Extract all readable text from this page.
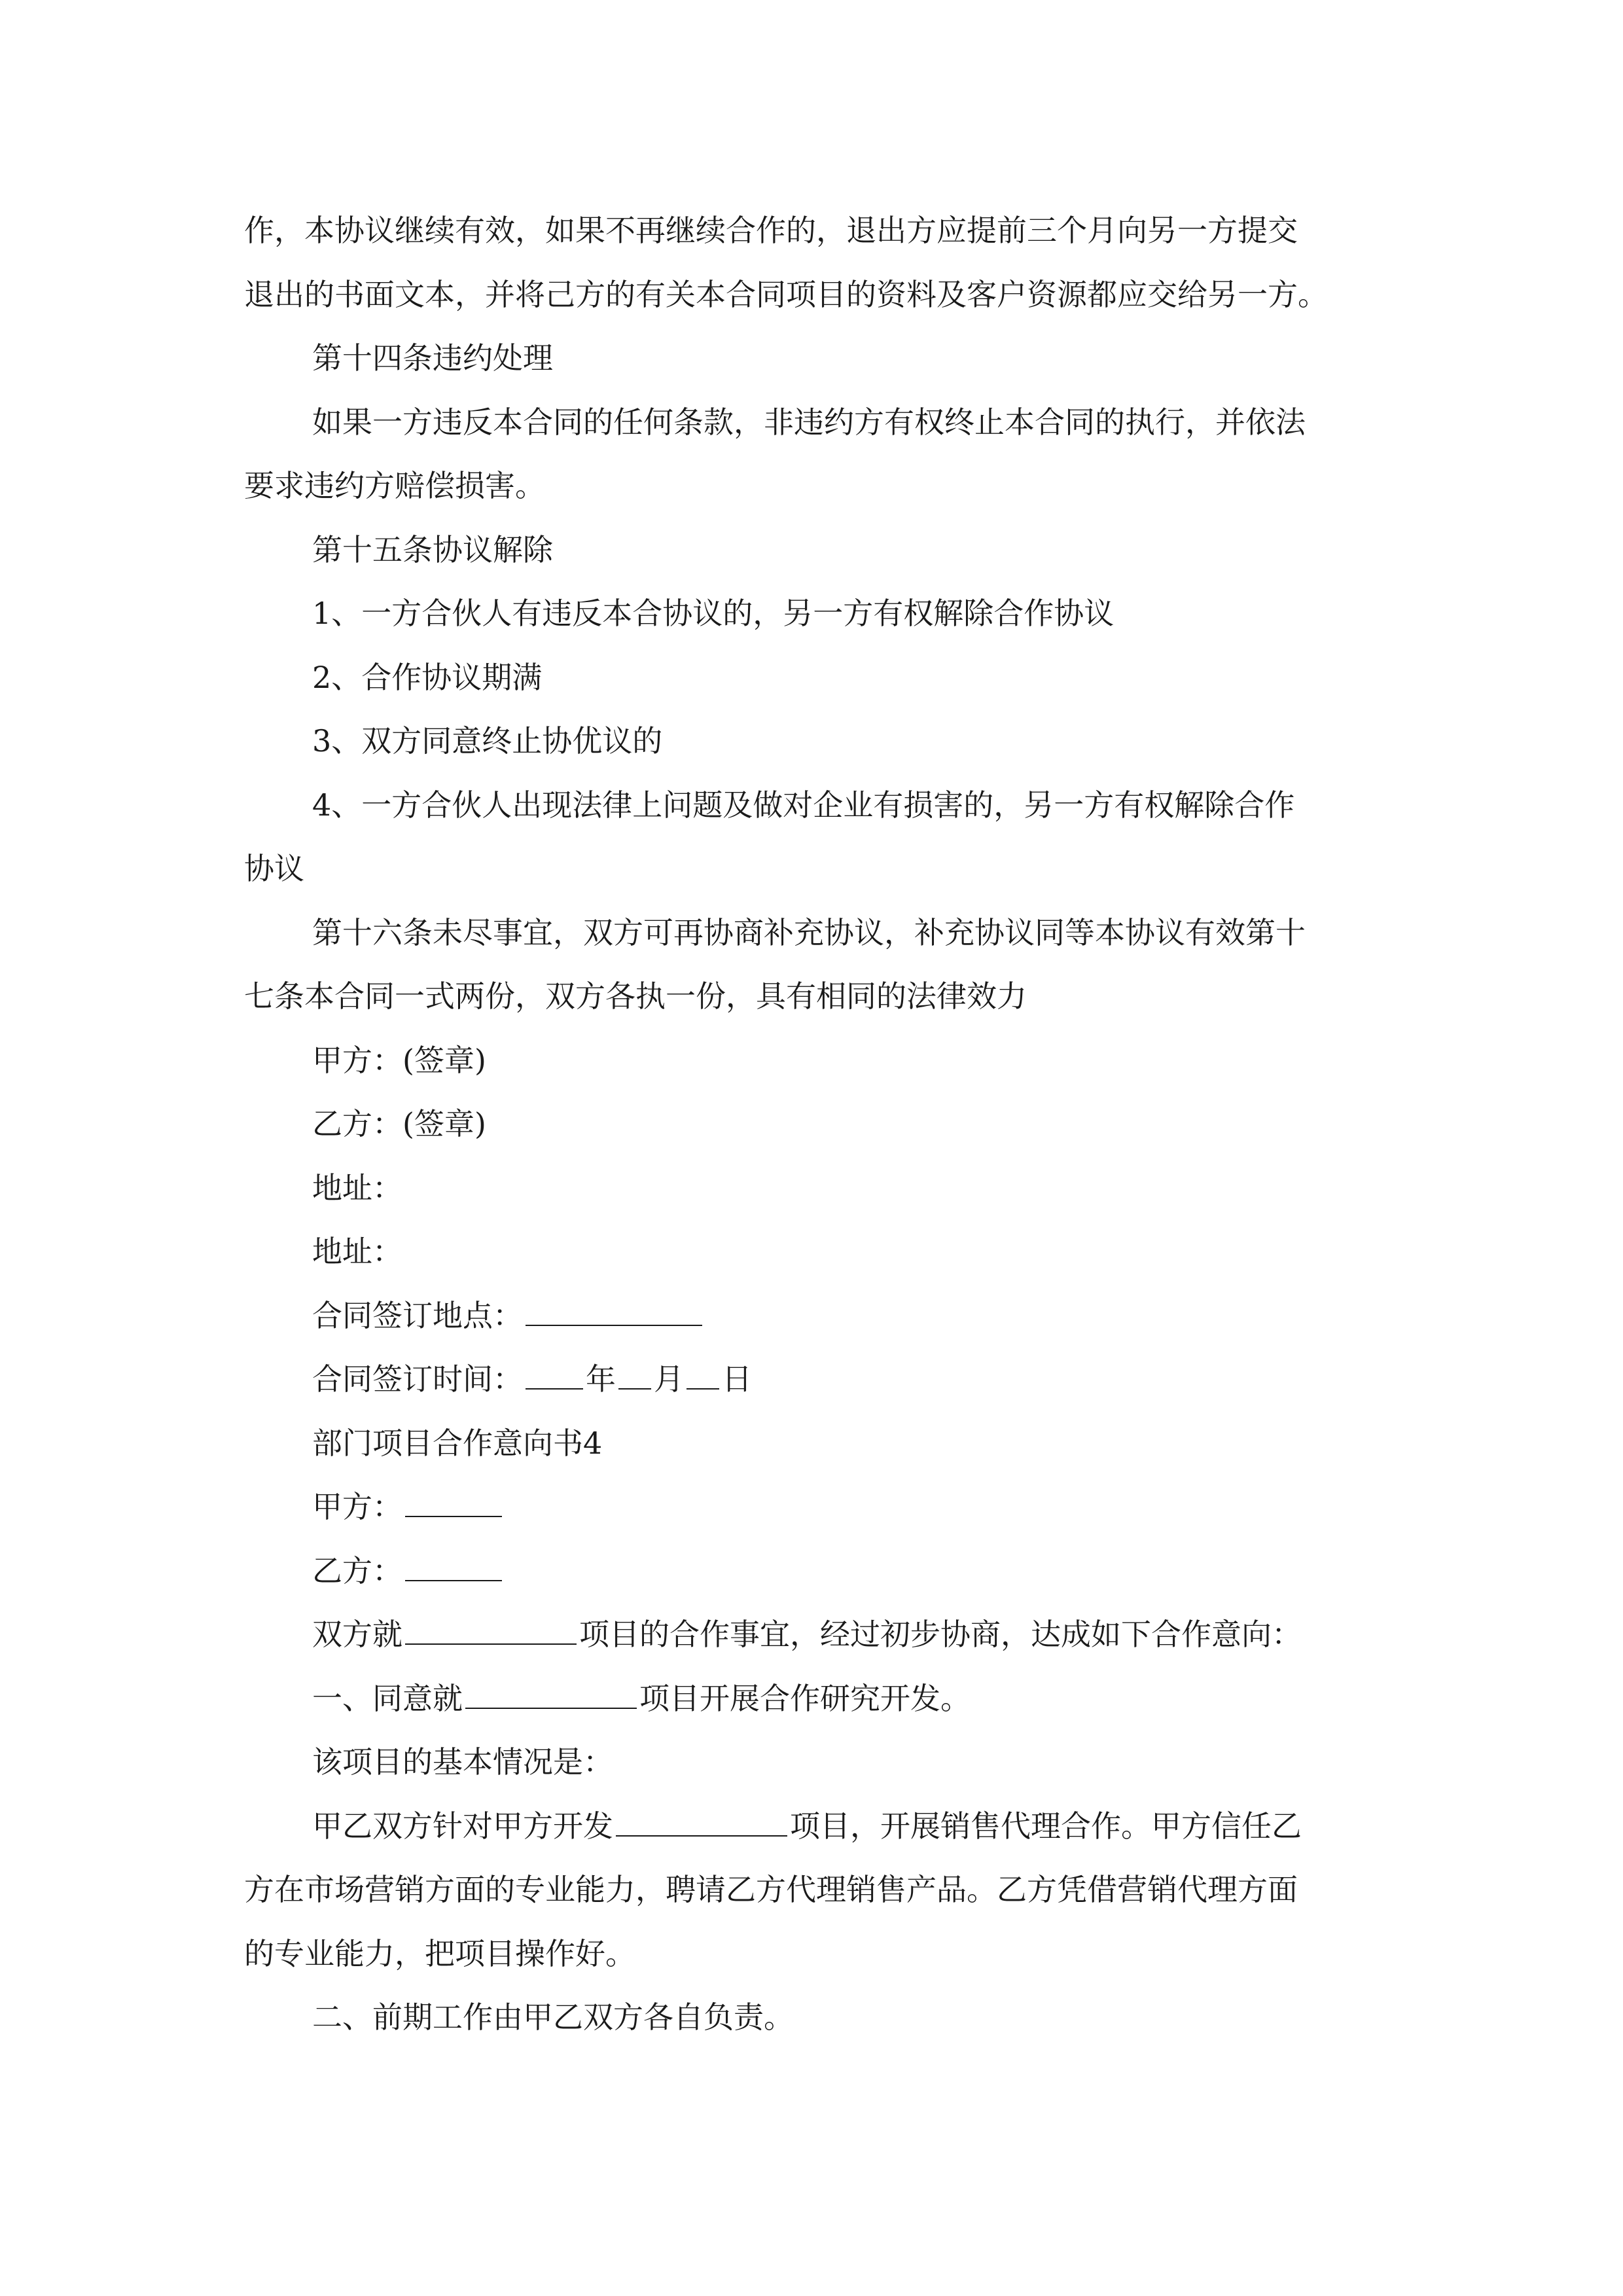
作，本协议继续有效，如果不再继续合作的，退出方应提前三个月向另一方提交
退出的书面文本，并将己方的有关本合同项目的资料及客户资源都应交给另一方。
第十四条违约处理
如果一方违反本合同的任何条款，非违约方有权终止本合同的执行，并依法
要求违约方赔偿损害。
第十五条协议解除
1、一方合伙人有违反本合协议的，另一方有权解除合作协议
2、合作协议期满
3、双方同意终止协优议的
4、一方合伙人出现法律上问题及做对企业有损害的，另一方有权解除合作
协议
第十六条未尽事宜，双方可再协商补充协议，补充协议同等本协议有效第十
七条本合同一式两份，双方各执一份，具有相同的法律效力
甲方：(签章)
乙方：(签章)
地址：
地址：
合同签订地点：
合同签订时间： 年 月 日
部门项目合作意向书4
甲方：
乙方：
双方就	项目的合作事宜，经过初步协商，达成如下合作意向：
一、同意就	项目开展合作研究开发。
该项目的基本情况是：
甲乙双方针对甲方开发	项目，开展销售代理合作。甲方信任乙
方在市场营销方面的专业能力，聘请乙方代理销售产品。乙方凭借营销代理方面
的专业能力，把项目操作好。
二、前期工作由甲乙双方各自负责。
